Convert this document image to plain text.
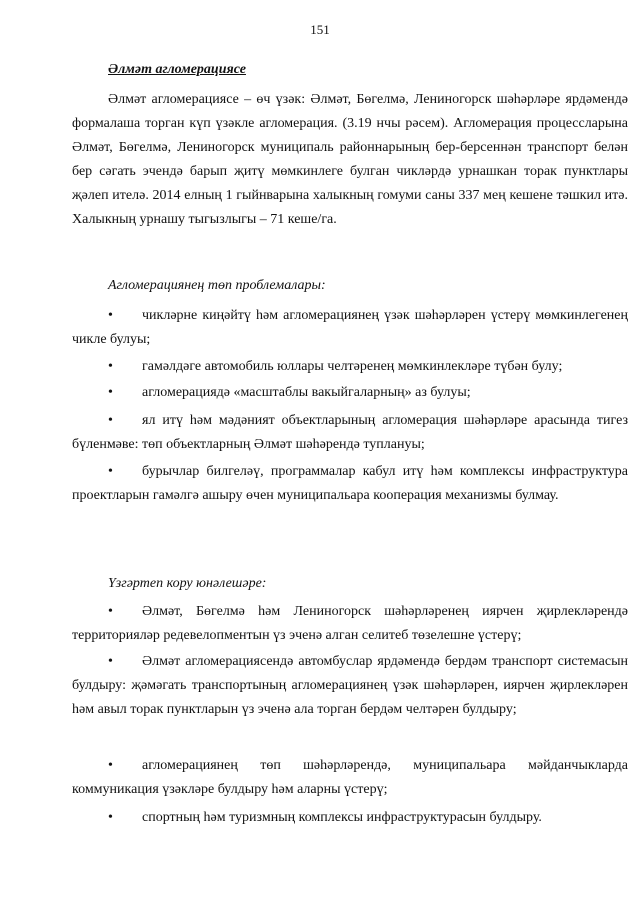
151
Әлмәт агломерациясе
Әлмәт агломерациясе – өч үзәк: Әлмәт, Бөгелмә, Лениногорск шәһәрләре ярдәмендә формалаша торган күп үзәкле агломерация. (3.19 нчы рәсем). Агломерация процессларына Әлмәт, Бөгелмә, Лениногорск муниципаль районнарының бер-берсеннән транспорт белән бер сәгать эчендә барып җитү мөмкинлеге булган чикләрдә урнашкан торак пунктлары җәлеп ителә. 2014 елның 1 гыйнварына халыкның гомуми саны 337 мең кешене тәшкил итә. Халыкның урнашу тыгызлыгы – 71 кеше/га.
Агломерациянең төп проблемалары:
• чикләрне киңәйтү һәм агломерациянең үзәк шәһәрләрен үстерү мөмкинлегенең чикле булуы;
• гамәлдәге автомобиль юллары челтәренең мөмкинлекләре түбән булу;
• агломерациядә «масштаблы вакыйгаларның» аз булуы;
• ял итү һәм мәдәният объектларының агломерация шәһәрләре арасында тигез бүленмәве: төп объектларның Әлмәт шәһәрендә туплануы;
• бурычлар билгеләү, программалар кабул итү һәм комплексы инфраструктура проектларын гамәлгә ашыру өчен муниципальара кооперация механизмы булмау.
Үзгәртеп кору юнәлешәре:
• Әлмәт, Бөгелмә һәм Лениногорск шәһәрләренең иярчен җирлекләрендә территорияләр редевелопментын үз эченә алган селитеб төзелешне үстерү;
• Әлмәт агломерациясендә автомбуслар ярдәмендә бердәм транспорт системасын булдыру: җәмәгать транспортының агломерациянең үзәк шәһәрләрен, иярчен җирлекләрен һәм авыл торак пунктларын үз эченә ала торган бердәм челтәрен булдыру;
• агломерациянең төп шәһәрләрендә, муниципальара мәйданчыкларда коммуникация үзәкләре булдыру һәм аларны үстерү;
• спортның һәм туризмның комплексы инфраструктурасын булдыру.
